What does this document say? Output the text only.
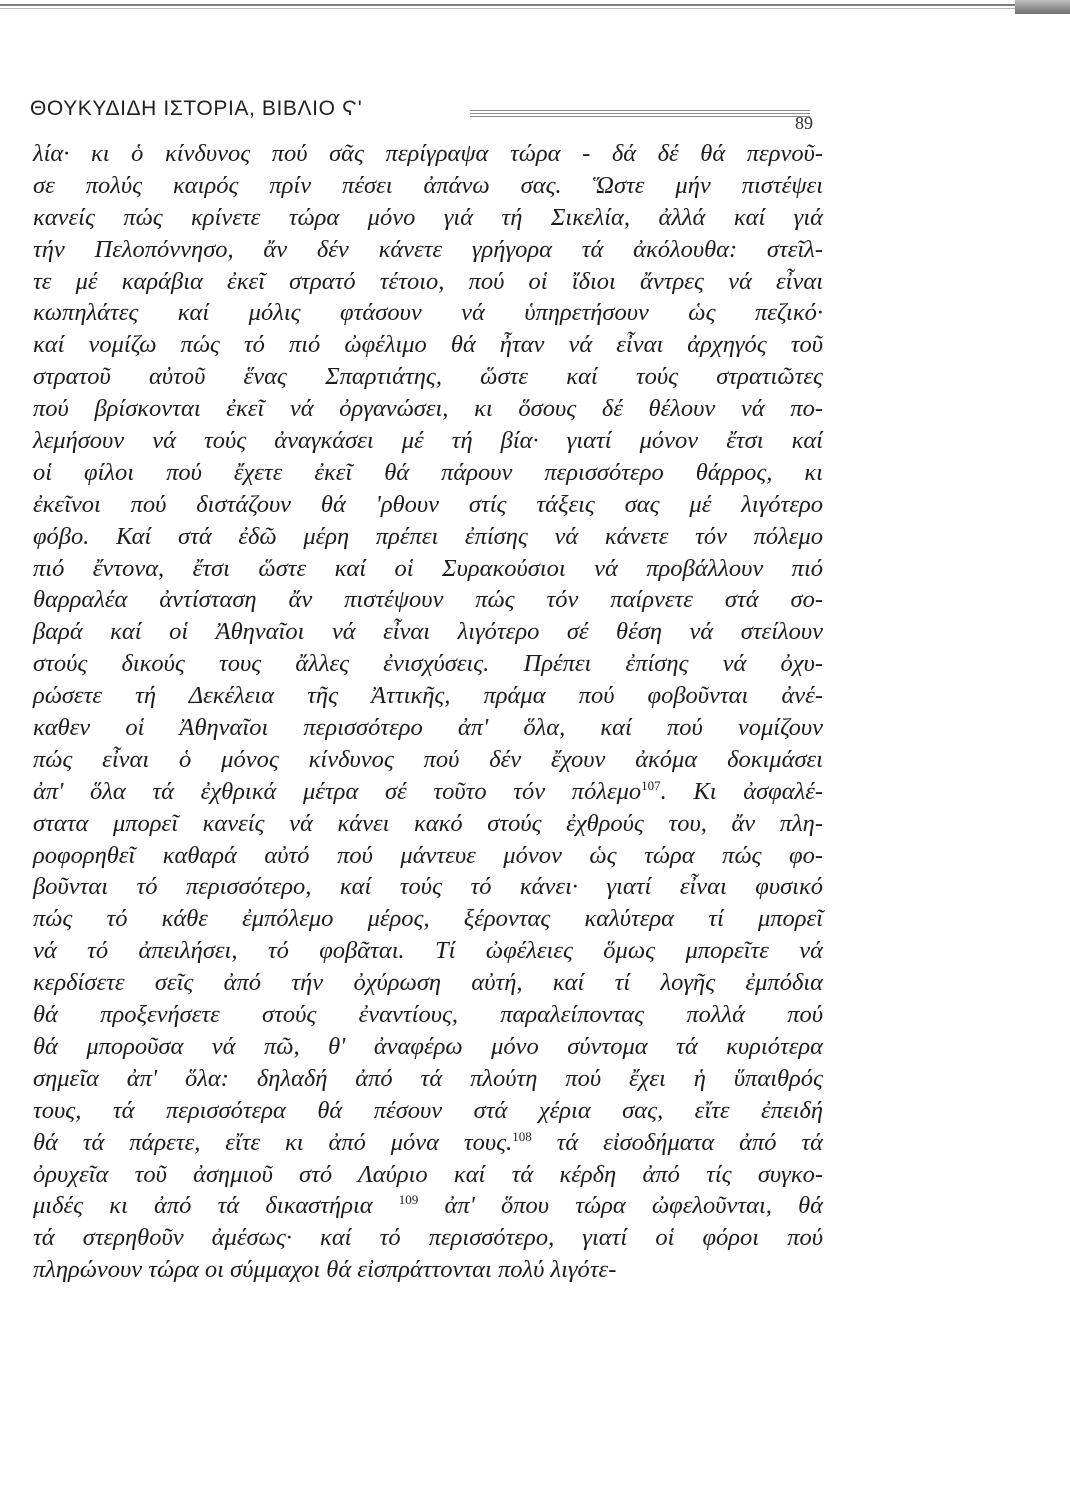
ΘΟΥΚΥΔΙΔΗ ΙΣΤΟΡΙΑ, ΒΙΒΛΙΟ Ϛ'
89
λία· κι ὁ κίνδυνος πού σᾶς περίγραψα τώρα - δά δέ θά περνοῦ-
σε πολύς καιρός πρίν πέσει ἀπάνω σας. Ὥστε μήν πιστέψει
κανείς πώς κρίνετε τώρα μόνο γιά τή Σικελία, ἀλλά καί γιά
τήν Πελοπόννησο, ἄν δέν κάνετε γρήγορα τά ἀκόλουθα: στεῖλ-
τε μέ καράβια ἐκεῖ στρατό τέτοιο, πού οἱ ἴδιοι ἄντρες νά εἶναι
κωπηλάτες καί μόλις φτάσουν νά ὑπηρετήσουν ὡς πεζικό·
καί νομίζω πώς τό πιό ὠφέλιμο θά ἦταν νά εἶναι ἀρχηγός τοῦ
στρατοῦ αὐτοῦ ἕνας Σπαρτιάτης, ὥστε καί τούς στρατιῶτες
πού βρίσκονται ἐκεῖ νά ὀργανώσει, κι ὅσους δέ θέλουν νά πο-
λεμήσουν νά τούς ἀναγκάσει μέ τή βία· γιατί μόνον ἔτσι καί
οἱ φίλοι πού ἔχετε ἐκεῖ θά πάρουν περισσότερο θάρρος, κι
ἐκεῖνοι πού διστάζουν θά 'ρθουν στίς τάξεις σας μέ λιγότερο
φόβο. Καί στά ἐδῶ μέρη πρέπει ἐπίσης νά κάνετε τόν πόλεμο
πιό ἔντονα, ἔτσι ὥστε καί οἱ Συρακούσιοι νά προβάλλουν πιό
θαρραλέα ἀντίσταση ἄν πιστέψουν πώς τόν παίρνετε στά σο-
βαρά καί οἱ Ἀθηναῖοι νά εἶναι λιγότερο σέ θέση νά στείλουν
στούς δικούς τους ἄλλες ἐνισχύσεις. Πρέπει ἐπίσης νά ὀχυ-
ρώσετε τή Δεκέλεια τῆς Ἀττικῆς, πράμα πού φοβοῦνται ἀνέ-
καθεν οἱ Ἀθηναῖοι περισσότερο ἀπ' ὅλα, καί πού νομίζουν
πώς εἶναι ὁ μόνος κίνδυνος πού δέν ἔχουν ἀκόμα δοκιμάσει
ἀπ' ὅλα τά ἐχθρικά μέτρα σέ τοῦτο τόν πόλεμο$^{107}$. Κι ἀσφαλέ-
στατα μπορεῖ κανείς νά κάνει κακό στούς ἐχθρούς του, ἄν πλη-
ροφορηθεῖ καθαρά αὐτό πού μάντευε μόνον ὡς τώρα πώς φο-
βοῦνται τό περισσότερο, καί τούς τό κάνει· γιατί εἶναι φυσικό
πώς τό κάθε ἐμπόλεμο μέρος, ξέροντας καλύτερα τί μπορεῖ
νά τό ἀπειλήσει, τό φοβᾶται. Τί ὠφέλειες ὅμως μπορεῖτε νά
κερδίσετε σεῖς ἀπό τήν ὀχύρωση αὐτή, καί τί λογῆς ἐμπόδια
θά προξενήσετε στούς ἐναντίους, παραλείποντας πολλά πού
θά μποροῦσα νά πῶ, θ' ἀναφέρω μόνο σύντομα τά κυριότερα
σημεῖα ἀπ' ὅλα: δηλαδή ἀπό τά πλούτη πού ἔχει ἡ ὕπαιθρός
τους, τά περισσότερα θά πέσουν στά χέρια σας, εἴτε ἐπειδή
θά τά πάρετε, εἴτε κι ἀπό μόνα τους.$^{108}$ τά εἰσοδήματα ἀπό τά
ὀρυχεῖα τοῦ ἀσημιοῦ στό Λαύριο καί τά κέρδη ἀπό τίς συγκο-
μιδές κι ἀπό τά δικαστήρια $^{109}$ ἀπ' ὅπου τώρα ὠφελοῦνται, θά
τά στερηθοῦν ἀμέσως· καί τό περισσότερο, γιατί οἱ φόροι πού
πληρώνουν τώρα οι σύμμαχοι θά εἰσπράττονται πολύ λιγότε-
